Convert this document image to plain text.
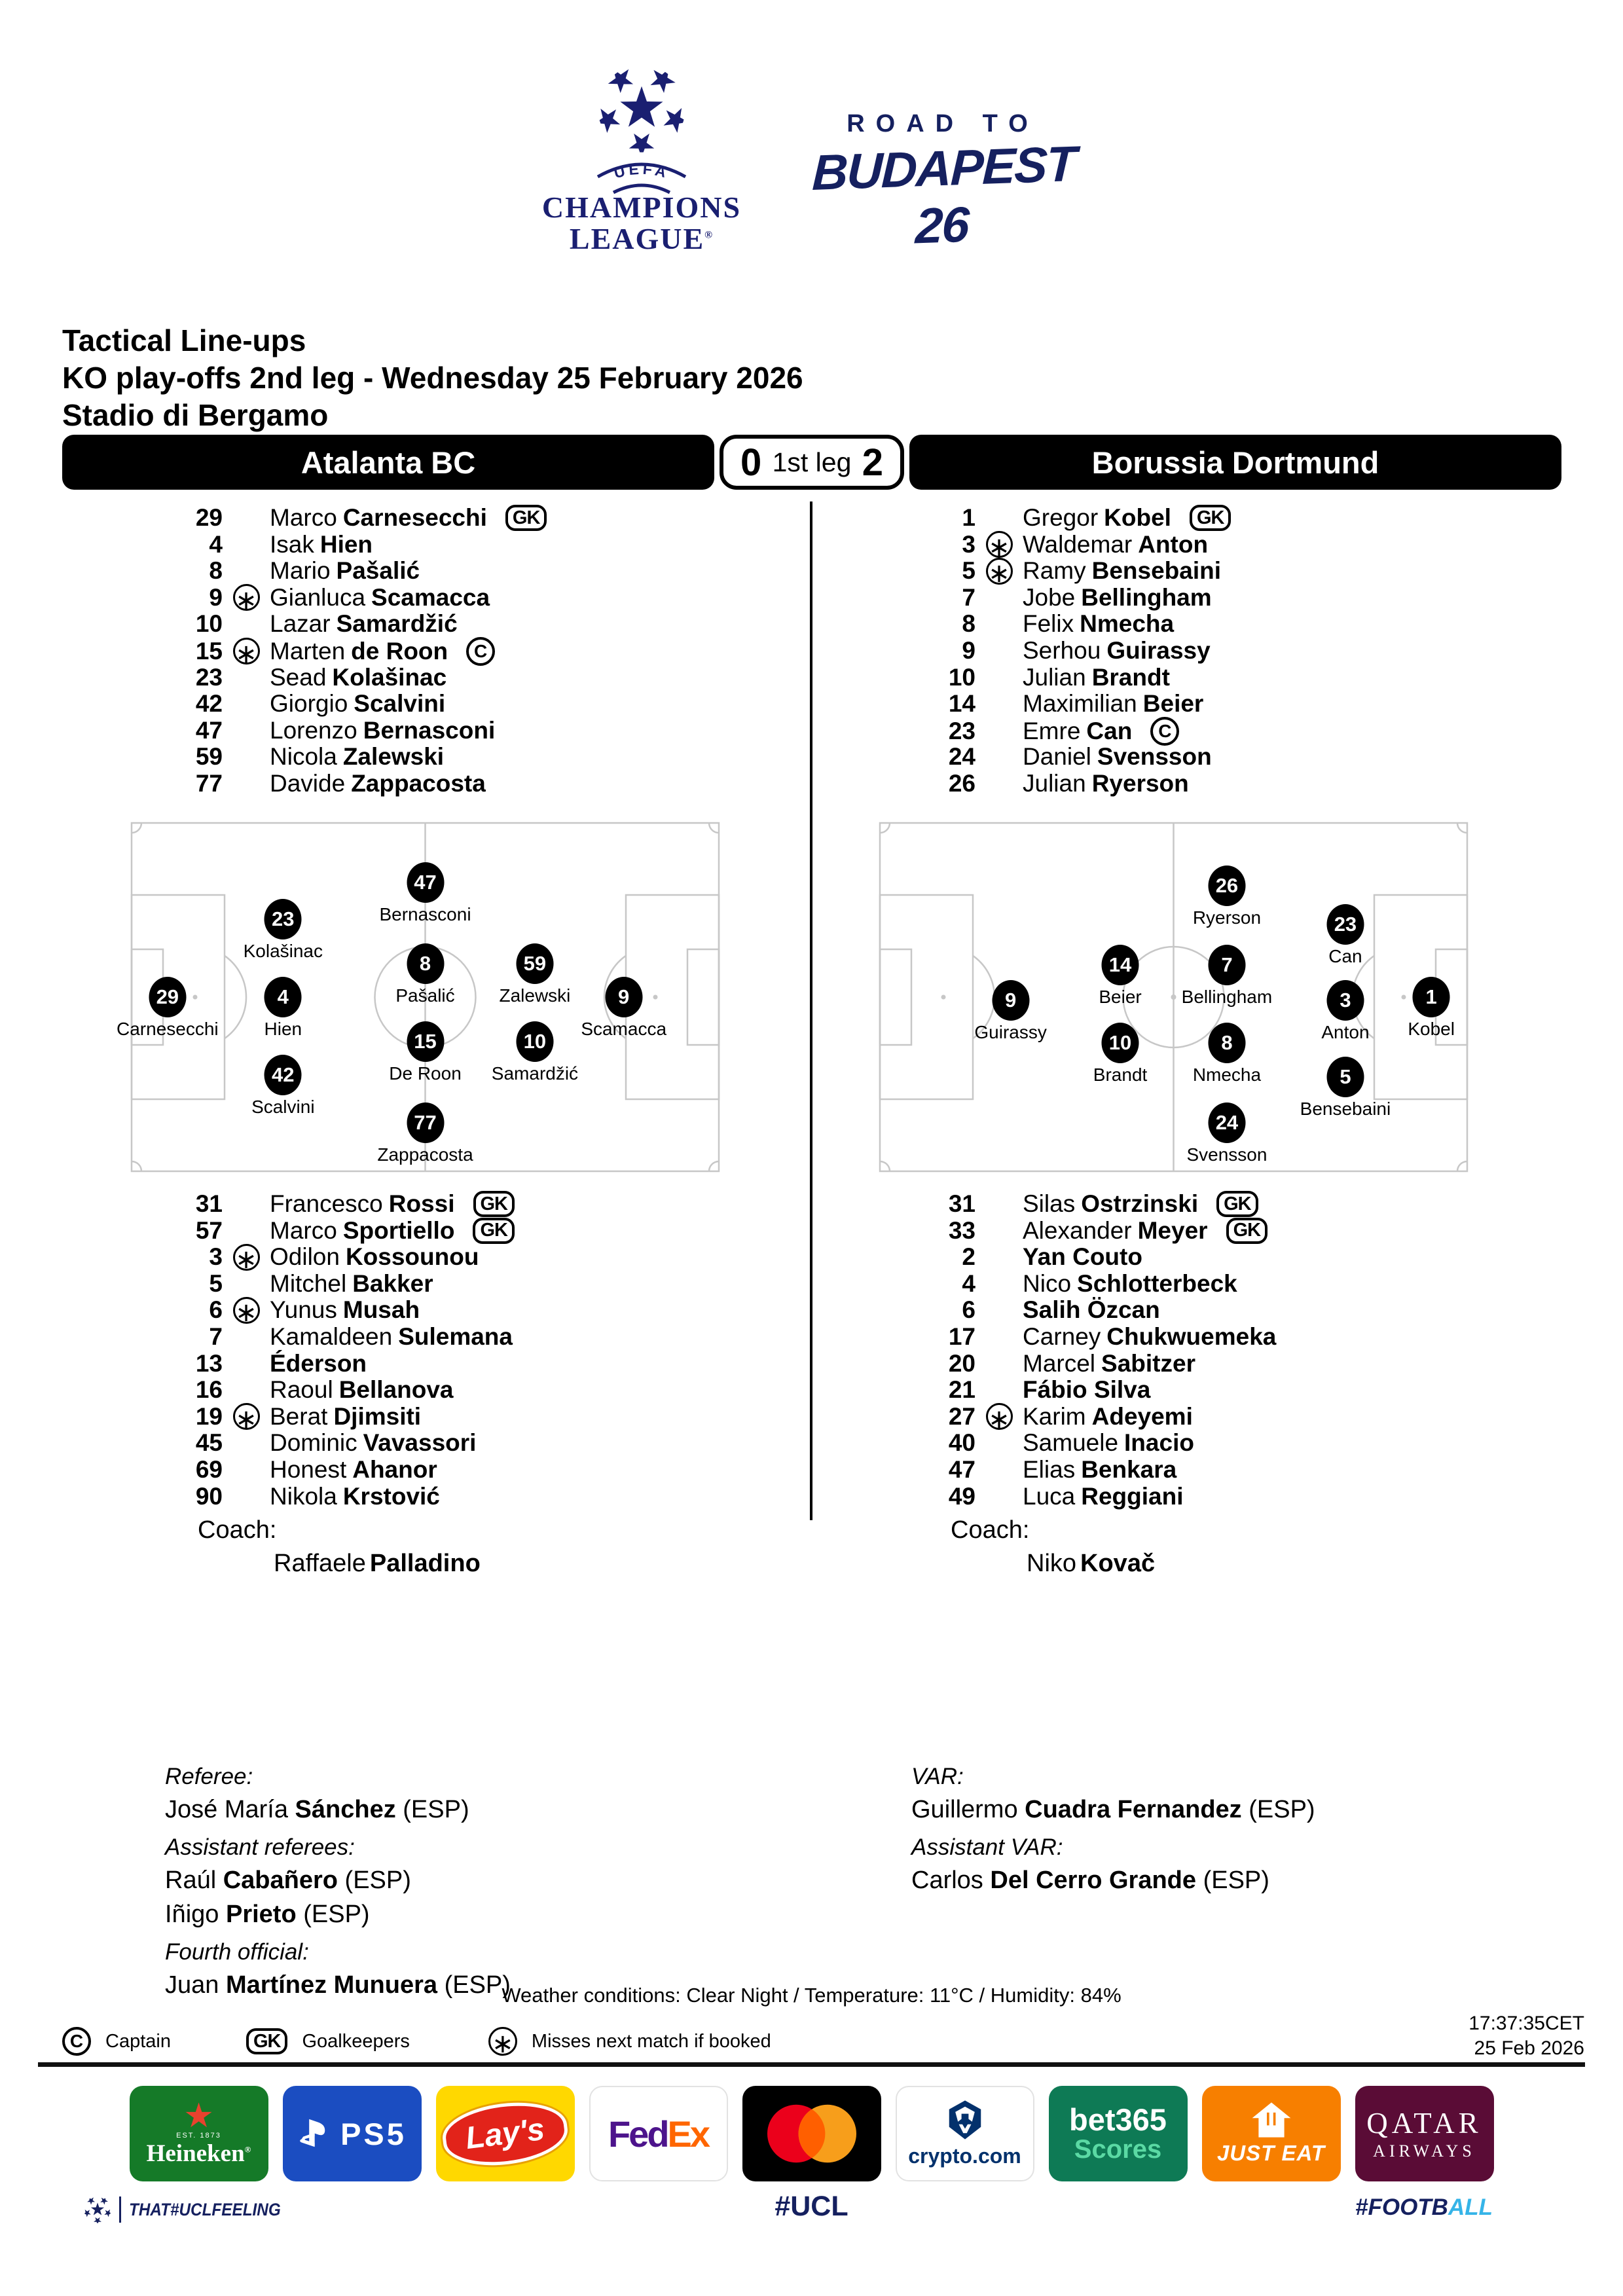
UEFA
CHAMPIONS
LEAGUE®
ROAD TO
BUDAPEST 26
Tactical Line-ups
KO play-offs 2nd leg - Wednesday 25 February 2026
Stadio di Bergamo
Atalanta BC	0 1st leg 2	Borussia Dortmund
29 Marco Carnesecchi	GK
4 Isak Hien
8 Mario Pašalić
9 ∗ Gianluca Scamacca
10 Lazar Samardžić
15 ∗ Marten de Roon	C
23 Sead Kolašinac
42 Giorgio Scalvini
47 Lorenzo Bernasconi
59 Nicola Zalewski
77 Davide Zappacosta
1 Gregor Kobel	GK
3 ∗ Waldemar Anton
5 ∗ Ramy Bensebaini
7 Jobe Bellingham
8 Felix Nmecha
9 Serhou Guirassy
10 Julian Brandt
14 Maximilian Beier
23 Emre Can	C
24 Daniel Svensson
26 Julian Ryerson
29
Carnesecchi
23
Kolašinac
4
Hien
42
Scalvini
47
Bernasconi
8
Pašalić
15
De Roon
77
Zappacosta
59
Zalewski
10
Samardžić
9
Scamacca
1
Kobel
23
Can
3
Anton
5
Bensebaini
26
Ryerson
7
Bellingham
8
Nmecha
24
Svensson
14
Beier
10
Brandt
9
Guirassy
31 Francesco Rossi	GK
57 Marco Sportiello	GK
3 ∗ Odilon Kossounou
5 Mitchel Bakker
6 ∗ Yunus Musah
7 Kamaldeen Sulemana
13 Éderson
16 Raoul Bellanova
19 ∗ Berat Djimsiti
45 Dominic Vavassori
69 Honest Ahanor
90 Nikola Krstović
31 Silas Ostrzinski	GK
33 Alexander Meyer	GK
2 Yan Couto
4 Nico Schlotterbeck
6 Salih Özcan
17 Carney Chukwuemeka
20 Marcel Sabitzer
21 Fábio Silva
27 ∗ Karim Adeyemi
40 Samuele Inacio
47 Elias Benkara
49 Luca Reggiani
Coach:
Raffaele Palladino
Coach:
Niko Kovač
Referee:
José María Sánchez (ESP)
Assistant referees:
Raúl Cabañero (ESP)
Iñigo Prieto (ESP)
Fourth official:
Juan Martínez Munuera (ESP)
VAR:
Guillermo Cuadra Fernandez (ESP)
Assistant VAR:
Carlos Del Cerro Grande (ESP)
Weather conditions: Clear Night / Temperature: 11°C / Humidity: 84%
C	Captain	GK	Goalkeepers	∗ Misses next match if booked
17:37:35CET
25 Feb 2026
★
EST. 1873
Heineken®	PS5	Lay's	Fed Ex
crypto.com
bet365
Scores	JUST EAT
QATAR
AIRWAYS
THAT#UCLFEELING	#UCL	#FOOTBALL
